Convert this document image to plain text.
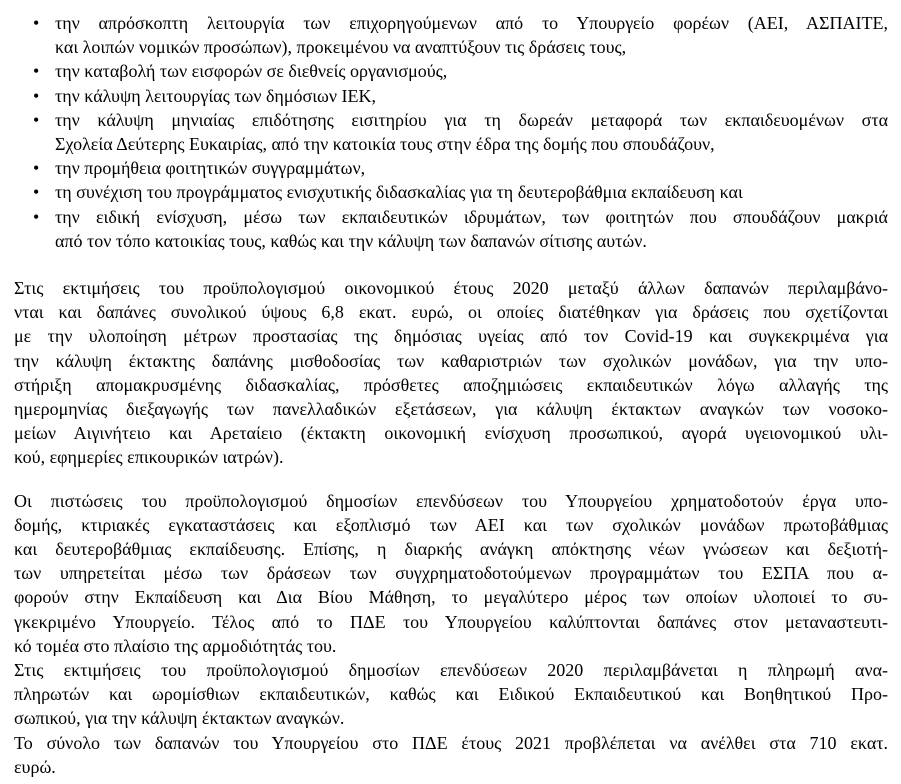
• την απρόσκοπτη λειτουργία των επιχορηγούμενων από το Υπουργείο φορέων (ΑΕΙ, ΑΣΠΑΙΤΕ,
και λοιπών νομικών προσώπων), προκειμένου να αναπτύξουν τις δράσεις τους,
• την καταβολή των εισφορών σε διεθνείς οργανισμούς,
• την κάλυψη λειτουργίας των δημόσιων ΙΕΚ,
• την κάλυψη μηνιαίας επιδότησης εισιτηρίου για τη δωρεάν μεταφορά των εκπαιδευομένων στα
Σχολεία Δεύτερης Ευκαιρίας, από την κατοικία τους στην έδρα της δομής που σπουδάζουν,
• την προμήθεια φοιτητικών συγγραμμάτων,
• τη συνέχιση του προγράμματος ενισχυτικής διδασκαλίας για τη δευτεροβάθμια εκπαίδευση και
• την ειδική ενίσχυση, μέσω των εκπαιδευτικών ιδρυμάτων, των φοιτητών που σπουδάζουν μακριά
από τον τόπο κατοικίας τους, καθώς και την κάλυψη των δαπανών σίτισης αυτών.
Στις εκτιμήσεις του προϋπολογισμού οικονομικού έτους 2020 μεταξύ άλλων δαπανών περιλαμβάνο-
νται και δαπάνες συνολικού ύψους 6,8 εκατ. ευρώ, οι οποίες διατέθηκαν για δράσεις που σχετίζονται
με την υλοποίηση μέτρων προστασίας της δημόσιας υγείας από τον Covid-19 και συγκεκριμένα για
την κάλυψη έκτακτης δαπάνης μισθοδοσίας των καθαριστριών των σχολικών μονάδων, για την υπο-
στήριξη απομακρυσμένης διδασκαλίας, πρόσθετες αποζημιώσεις εκπαιδευτικών λόγω αλλαγής της
ημερομηνίας διεξαγωγής των πανελλαδικών εξετάσεων, για κάλυψη έκτακτων αναγκών των νοσοκο-
μείων Αιγινήτειο και Αρεταίειο (έκτακτη οικονομική ενίσχυση προσωπικού, αγορά υγειονομικού υλι-
κού, εφημερίες επικουρικών ιατρών).
Οι πιστώσεις του προϋπολογισμού δημοσίων επενδύσεων του Υπουργείου χρηματοδοτούν έργα υπο-
δομής, κτιριακές εγκαταστάσεις και εξοπλισμό των ΑΕΙ και των σχολικών μονάδων πρωτοβάθμιας
και δευτεροβάθμιας εκπαίδευσης. Επίσης, η διαρκής ανάγκη απόκτησης νέων γνώσεων και δεξιοτή-
των υπηρετείται μέσω των δράσεων των συγχρηματοδοτούμενων προγραμμάτων του ΕΣΠΑ που α-
φορούν στην Εκπαίδευση και Δια Βίου Μάθηση, το μεγαλύτερο μέρος των οποίων υλοποιεί το συ-
γκεκριμένο Υπουργείο. Τέλος από το ΠΔΕ του Υπουργείου καλύπτονται δαπάνες στον μεταναστευτι-
κό τομέα στο πλαίσιο της αρμοδιότητάς του.
Στις εκτιμήσεις του προϋπολογισμού δημοσίων επενδύσεων 2020 περιλαμβάνεται η πληρωμή ανα-
πληρωτών και ωρομίσθιων εκπαιδευτικών, καθώς και Ειδικού Εκπαιδευτικού και Βοηθητικού Προ-
σωπικού, για την κάλυψη έκτακτων αναγκών.
Το σύνολο των δαπανών του Υπουργείου στο ΠΔΕ έτους 2021 προβλέπεται να ανέλθει στα 710 εκατ.
ευρώ.
